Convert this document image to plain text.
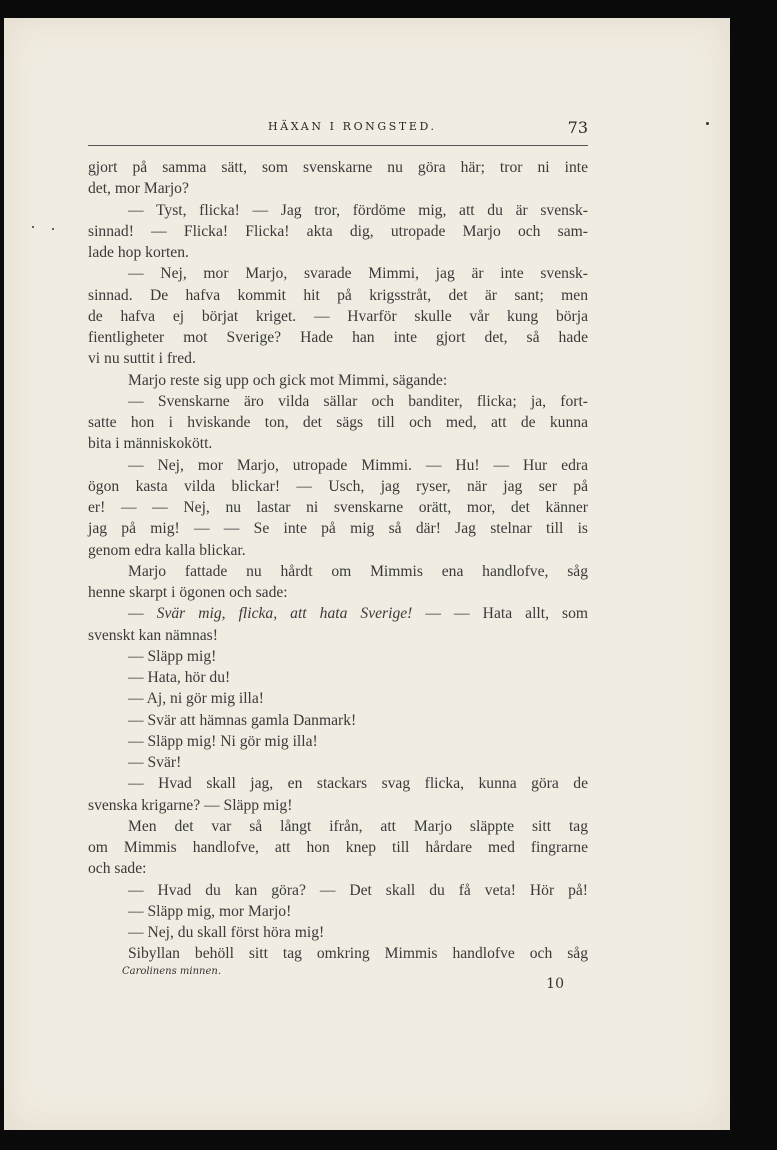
HÄXAN I RONGSTED.	73
gjort på samma sätt, som svenskarne nu göra här; tror ni inte
det, mor Marjo?
— Tyst, flicka! — Jag tror, fördöme mig, att du är svensk-
sinnad! — Flicka! Flicka! akta dig, utropade Marjo och sam-
lade hop korten.
— Nej, mor Marjo, svarade Mimmi, jag är inte svensk-
sinnad. De hafva kommit hit på krigsstråt, det är sant; men
de hafva ej börjat kriget. — Hvarför skulle vår kung börja
fientligheter mot Sverige? Hade han inte gjort det, så hade
vi nu suttit i fred.
Marjo reste sig upp och gick mot Mimmi, sägande:
— Svenskarne äro vilda sällar och banditer, flicka; ja, fort-
satte hon i hviskande ton, det sägs till och med, att de kunna
bita i människokött.
— Nej, mor Marjo, utropade Mimmi. — Hu! — Hur edra
ögon kasta vilda blickar! — Usch, jag ryser, när jag ser på
er! — — Nej, nu lastar ni svenskarne orätt, mor, det känner
jag på mig! — — Se inte på mig så där! Jag stelnar till is
genom edra kalla blickar.
Marjo fattade nu hårdt om Mimmis ena handlofve, såg
henne skarpt i ögonen och sade:
— Svär mig, flicka, att hata Sverige! — — Hata allt, som
svenskt kan nämnas!
— Släpp mig!
— Hata, hör du!
— Aj, ni gör mig illa!
— Svär att hämnas gamla Danmark!
— Släpp mig! Ni gör mig illa!
— Svär!
— Hvad skall jag, en stackars svag flicka, kunna göra de
svenska krigarne? — Släpp mig!
Men det var så långt ifrån, att Marjo släppte sitt tag
om Mimmis handlofve, att hon knep till hårdare med fingrarne
och sade:
— Hvad du kan göra? — Det skall du få veta! Hör på!
— Släpp mig, mor Marjo!
— Nej, du skall först höra mig!
Sibyllan behöll sitt tag omkring Mimmis handlofve och såg
Carolinens minnen.
10
